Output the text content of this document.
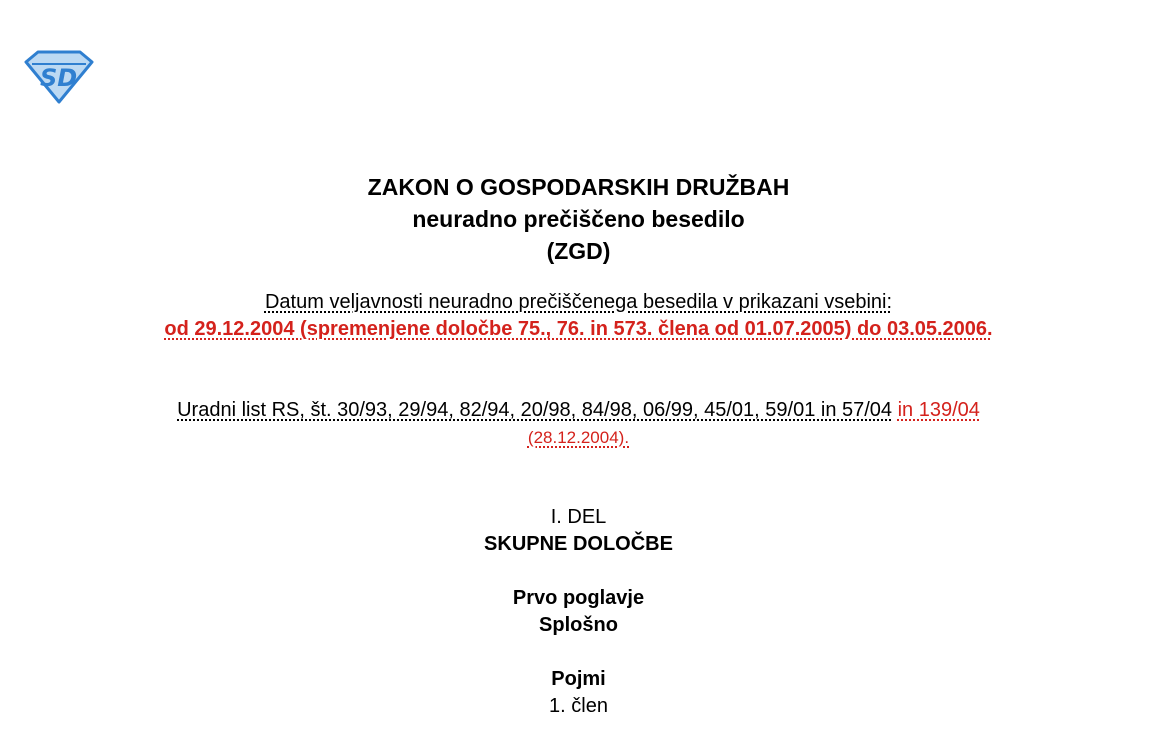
SD
ZAKON O GOSPODARSKIH DRUŽBAH
neuradno prečiščeno besedilo
(ZGD)
Datum veljavnosti neuradno prečiščenega besedila v prikazani vsebini:
od 29.12.2004 (spremenjene določbe 75., 76. in 573. člena od 01.07.2005) do 03.05.2006.
Uradni list RS, št. 30/93, 29/94, 82/94, 20/98, 84/98, 06/99, 45/01, 59/01 in 57/04 in 139/04 (28.12.2004).
I. DEL
SKUPNE DOLOČBE
Prvo poglavje
Splošno
Pojmi
1. člen
